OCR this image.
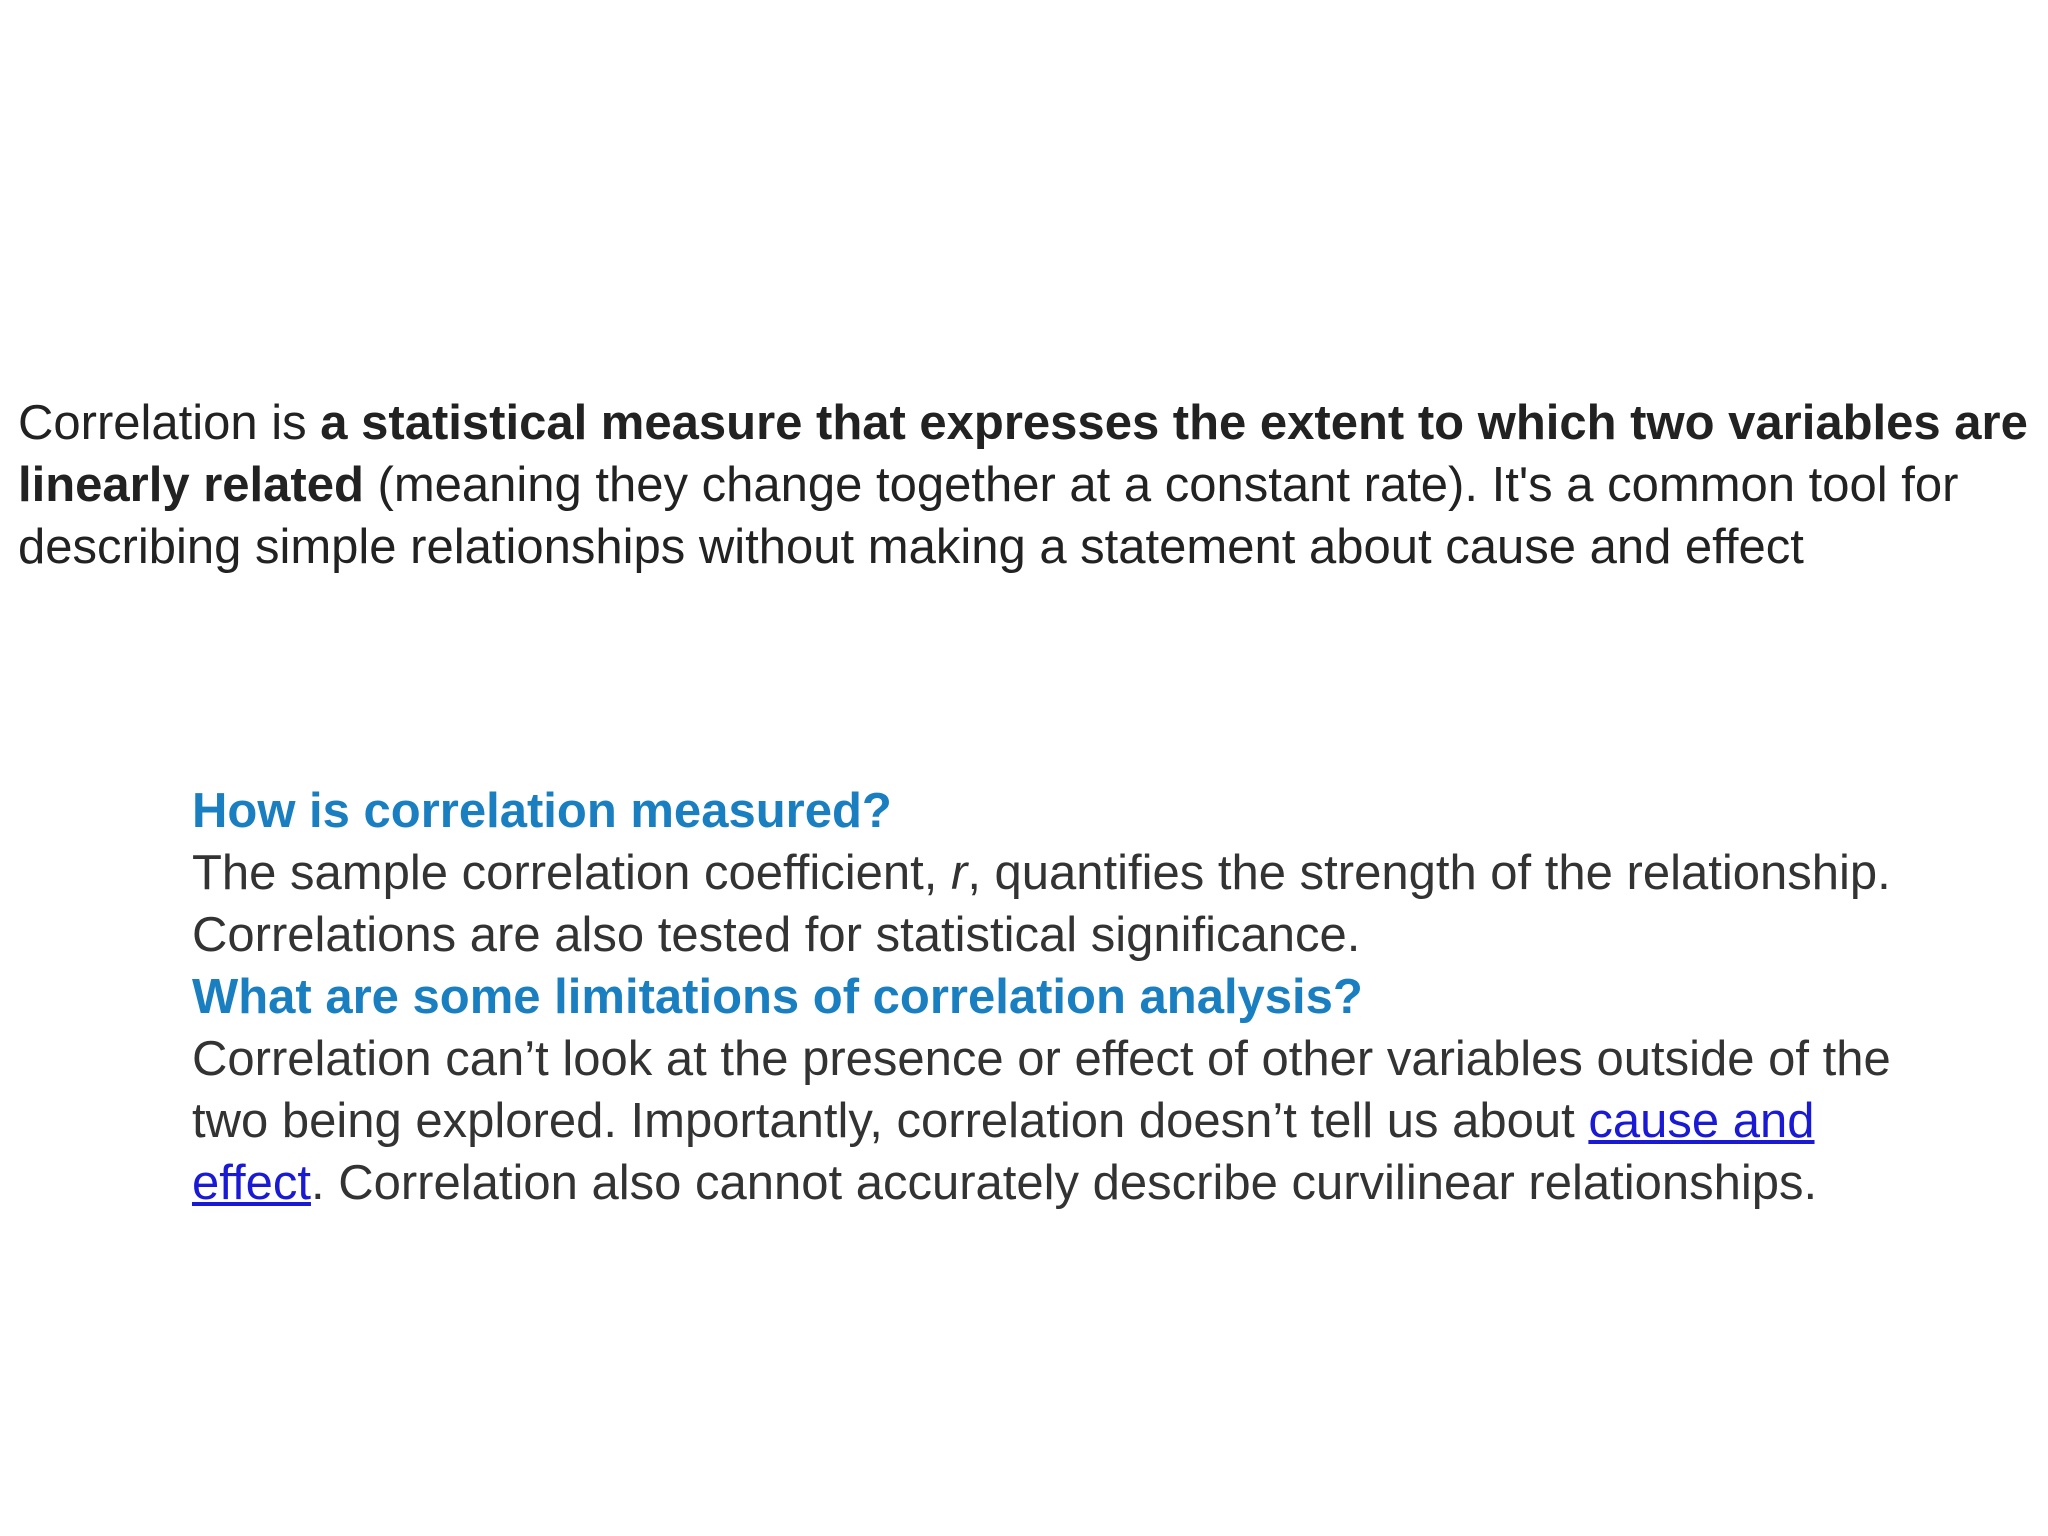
Correlation is a statistical measure that expresses the extent to which two variables are linearly related (meaning they change together at a constant rate). It's a common tool for describing simple relationships without making a statement about cause and effect

How is correlation measured?

The sample correlation coefficient, r, quantifies the strength of the relationship. Correlations are also tested for statistical significance.

What are some limitations of correlation analysis?

Correlation can’t look at the presence or effect of other variables outside of the two being explored. Importantly, correlation doesn’t tell us about cause and effect. Correlation also cannot accurately describe curvilinear relationships.
